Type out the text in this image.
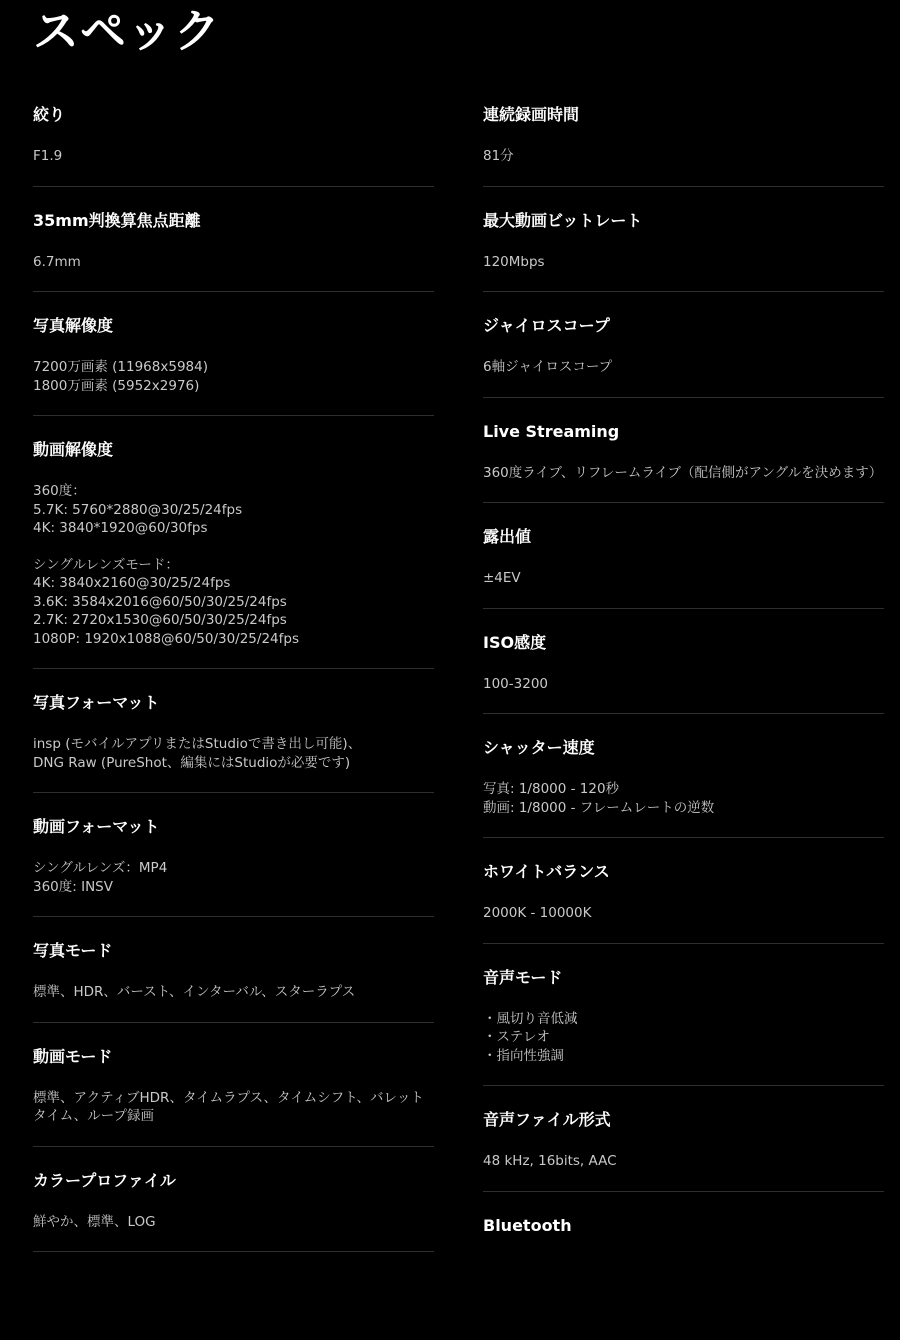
スペック
絞り
F1.9
35mm判換算焦点距離
6.7mm
写真解像度
7200万画素 (11968x5984)
1800万画素 (5952x2976)
動画解像度
360度：
5.7K: 5760*2880@30/25/24fps
4K: 3840*1920@60/30fps
シングルレンズモード：
4K: 3840x2160@30/25/24fps
3.6K: 3584x2016@60/50/30/25/24fps
2.7K: 2720x1530@60/50/30/25/24fps
1080P: 1920x1088@60/50/30/25/24fps
写真フォーマット
insp (モバイルアプリまたはStudioで書き出し可能)、
DNG Raw (PureShot、編集にはStudioが必要です)
動画フォーマット
シングルレンズ：MP4
360度: INSV
写真モード
標準、HDR、バースト、インターバル、スターラプス
動画モード
標準、アクティブHDR、タイムラプス、タイムシフト、バレットタイム、ループ録画
カラープロファイル
鮮やか、標準、LOG
連続録画時間
81分
最大動画ビットレート
120Mbps
ジャイロスコープ
6軸ジャイロスコープ
Live Streaming
360度ライブ、リフレームライブ（配信側がアングルを決めます）
露出値
±4EV
ISO感度
100-3200
シャッター速度
写真: 1/8000 - 120秒
動画: 1/8000 - フレームレートの逆数
ホワイトバランス
2000K - 10000K
音声モード
・風切り音低減
・ステレオ
・指向性強調
音声ファイル形式
48 kHz, 16bits, AAC
Bluetooth
